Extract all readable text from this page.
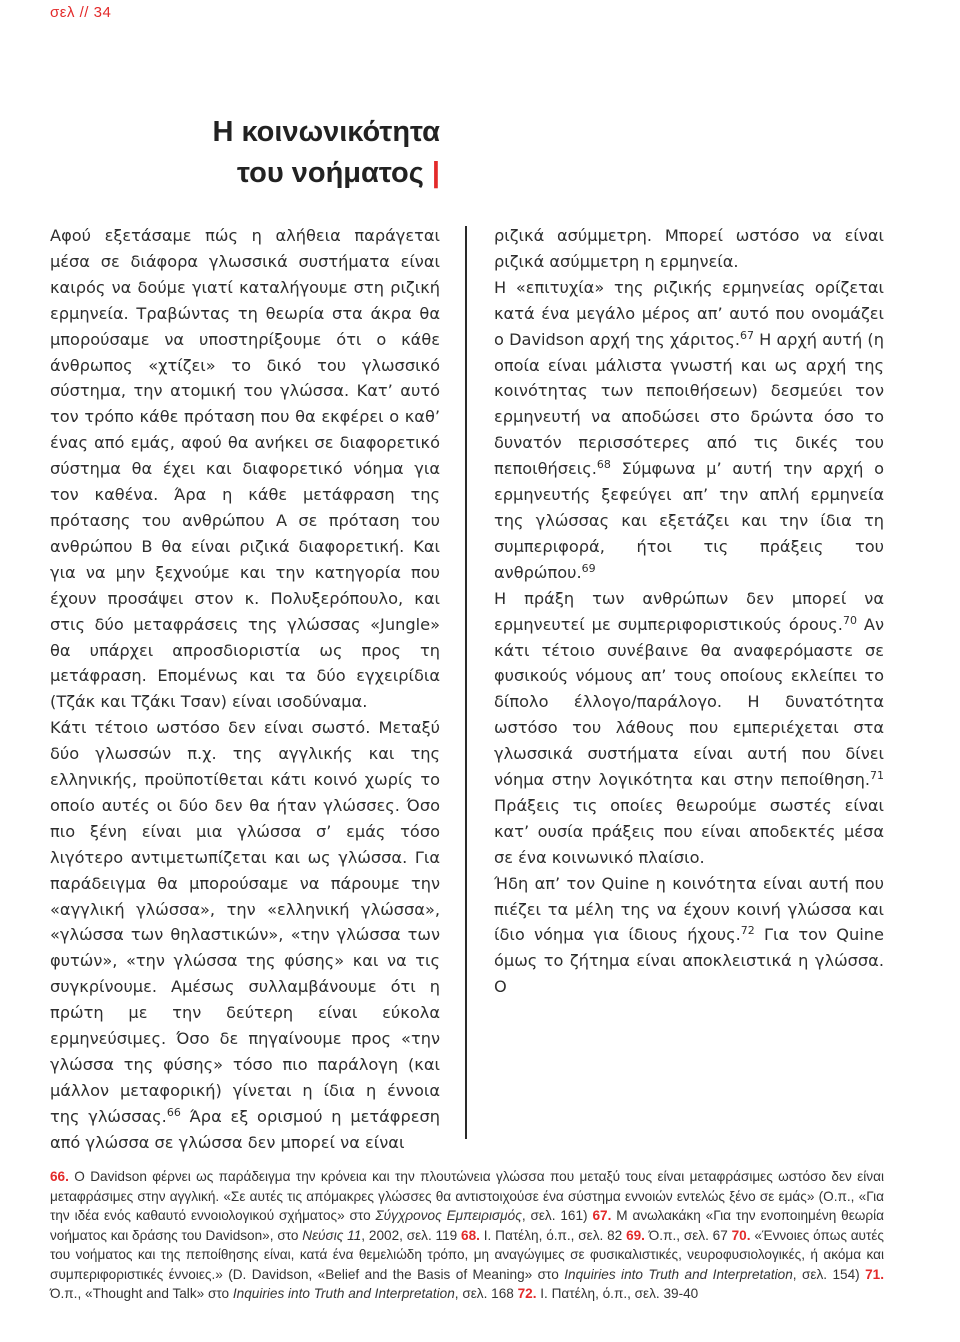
σελ // 34
Η κοινωνικότητα
του νοήματος |

Αφού εξετάσαμε πώς η αλήθεια παράγεται μέσα σε διάφορα γλωσσικά συστήματα είναι καιρός να δούμε γιατί καταλήγουμε στη ριζική ερμηνεία. Τραβώντας τη θεωρία στα άκρα θα μπορούσαμε να υποστηρίξουμε ότι ο κάθε άνθρωπος «χτίζει» το δικό του γλωσσικό σύστημα, την ατομική του γλώσσα. Κατ’ αυτό τον τρόπο κάθε πρόταση που θα εκφέρει ο καθ’ ένας από εμάς, αφού θα ανήκει σε διαφορετικό σύστημα θα έχει και διαφορετικό νόημα για τον καθένα. Άρα η κάθε μετάφραση της πρότασης του ανθρώπου Α σε πρόταση του ανθρώπου Β θα είναι ριζικά διαφορετική. Και για να μην ξεχνούμε και την κατηγορία που έχουν προσάψει στον κ. Πολυξερόπουλο, και στις δύο μεταφράσεις της γλώσσας «Jungle» θα υπάρχει απροσδιοριστία ως προς τη μετάφραση. Επομένως και τα δύο εγχειρίδια (Τζάκ και Τζάκι Τσαν) είναι ισοδύναμα.

Κάτι τέτοιο ωστόσο δεν είναι σωστό. Μεταξύ δύο γλωσσών π.χ. της αγγλικής και της ελληνικής, προϋποτίθεται κάτι κοινό χωρίς το οποίο αυτές οι δύο δεν θα ήταν γλώσσες. Όσο πιο ξένη είναι μια γλώσσα σ’ εμάς τόσο λιγότερο αντιμετωπίζεται και ως γλώσσα. Για παράδειγμα θα μπορούσαμε να πάρουμε την «αγγλική γλώσσα», την «ελληνική γλώσσα», «γλώσσα των θηλαστικών», «την γλώσσα των φυτών», «την γλώσσα της φύσης» και να τις συγκρίνουμε. Αμέσως συλλαμβάνουμε ότι η πρώτη με την δεύτερη είναι εύκολα ερμηνεύσιμες. Όσο δε πηγαίνουμε προς «την γλώσσα της φύσης» τόσο πιο παράλογη (και μάλλον μεταφορική) γίνεται η ίδια η έννοια της γλώσσας.$^{66}$ Άρα εξ ορισμού η μετάφρεση από γλώσσα σε γλώσσα δεν μπορεί να είναι

ριζικά ασύμμετρη. Μπορεί ωστόσο να είναι ριζικά ασύμμετρη η ερμηνεία.

Η «επιτυχία» της ριζικής ερμηνείας ορίζεται κατά ένα μεγάλο μέρος απ’ αυτό που ονομάζει ο Davidson αρχή της χάριτος.$^{67}$ Η αρχή αυτή (η οποία είναι μάλιστα γνωστή και ως αρχή της κοινότητας των πεποιθήσεων) δεσμεύει τον ερμηνευτή να αποδώσει στο δρώντα όσο το δυνατόν περισσότερες από τις δικές του πεποιθήσεις.$^{68}$ Σύμφωνα μ’ αυτή την αρχή ο ερμηνευτής ξεφεύγει απ’ την απλή ερμηνεία της γλώσσας και εξετάζει και την ίδια τη συμπεριφορά, ήτοι τις πράξεις του ανθρώπου.$^{69}$

Η πράξη των ανθρώπων δεν μπορεί να ερμηνευτεί με συμπεριφοριστικούς όρους.$^{70}$ Αν κάτι τέτοιο συνέβαινε θα αναφερόμαστε σε φυσικούς νόμους απ’ τους οποίους εκλείπει το δίπολο έλλογο/παράλογο. Η δυνατότητα ωστόσο του λάθους που εμπεριέχεται στα γλωσσικά συστήματα είναι αυτή που δίνει νόημα στην λογικότητα και στην πεποίθηση.$^{71}$ Πράξεις τις οποίες θεωρούμε σωστές είναι κατ’ ουσία πράξεις που είναι αποδεκτές μέσα σε ένα κοινωνικό πλαίσιο.

Ήδη απ’ τον Quine η κοινότητα είναι αυτή που πιέζει τα μέλη της να έχουν κοινή γλώσσα και ίδιο νόημα για ίδιους ήχους.$^{72}$ Για τον Quine όμως το ζήτημα είναι αποκλειστικά η γλώσσα. Ο

66. Ο Davidson φέρνει ως παράδειγμα την κρόνεια και την πλουτώνεια γλώσσα που μεταξύ τους είναι μεταφράσιμες ωστόσο δεν είναι μεταφράσιμες στην αγγλική. «Σε αυτές τις απόμακρες γλώσσες θα αντιστοιχούσε ένα σύστημα εννοιών εντελώς ξένο σε εμάς» (Ο.π., «Για την ιδέα ενός καθαυτό εννοιολογικού σχήματος» στο Σύγχρονος Εμπειρισμός, σελ. 161) 67. Μ ανωλακάκη «Για την ενοποιημένη θεωρία νοήματος και δράσης του Davidson», στο Νεύσις 11, 2002, σελ. 119 68. Ι. Πατέλη, ό.π., σελ. 82 69. Ό.π., σελ. 67 70. «Έννοιες όπως αυτές του νοήματος και της πεποίθησης είναι, κατά ένα θεμελιώδη τρόπο, μη αναγώγιμες σε φυσικαλιστικές, νευροφυσιολογικές, ή ακόμα και συμπεριφοριστικές έννοιες.» (D. Davidson, «Belief and the Basis of Meaning» στο Inquiries into Truth and Interpretation, σελ. 154) 71. Ό.π., «Thought and Talk» στο Inquiries into Truth and Interpretation, σελ. 168 72. Ι. Πατέλη, ό.π., σελ. 39-40
